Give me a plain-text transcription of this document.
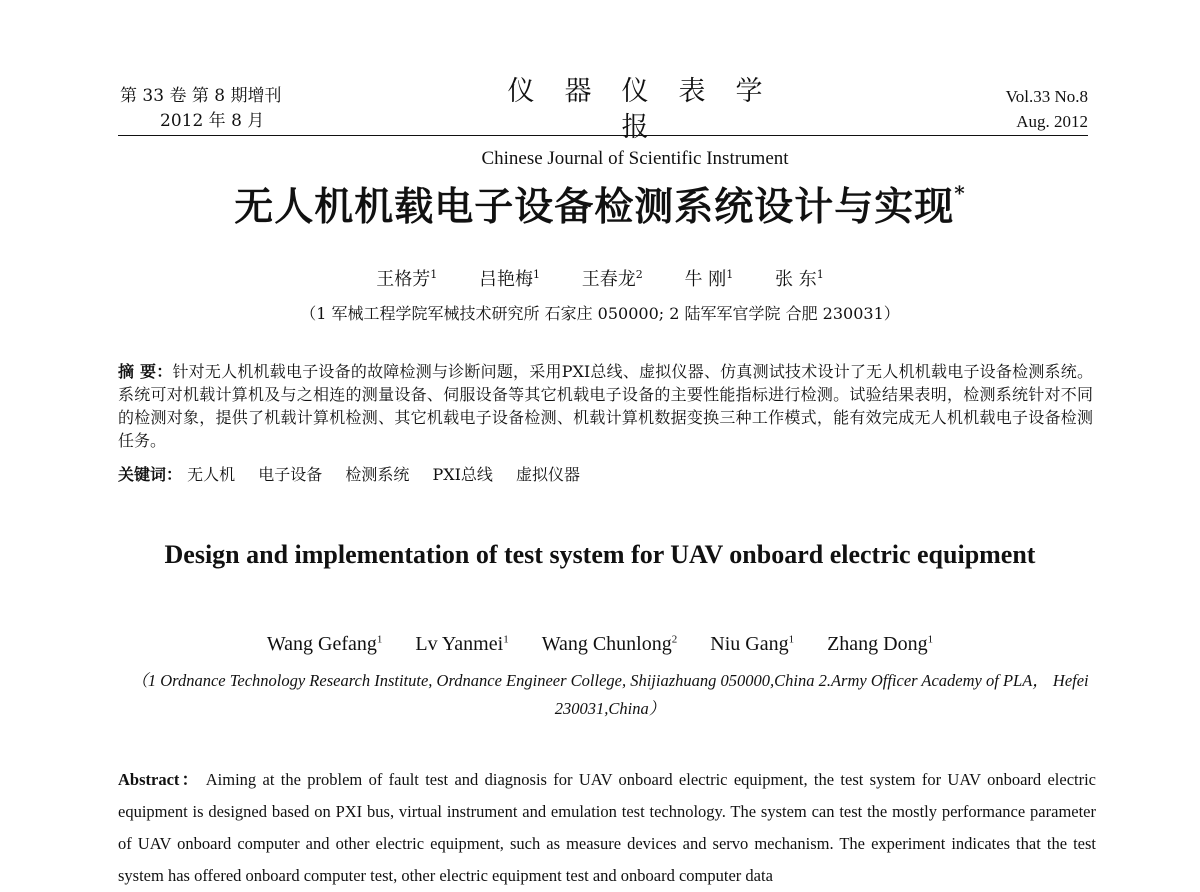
第 33 卷 第 8 期增刊
2012 年 8 月
仪器仪表学报
Chinese Journal of Scientific Instrument
Vol.33 No.8
Aug. 2012
无人机机载电子设备检测系统设计与实现*
王格芳$^1$ 吕艳梅$^1$ 王春龙$^2$ 牛 刚$^1$ 张 东$^1$
（1 军械工程学院军械技术研究所 石家庄 050000; 2 陆军军官学院 合肥 230031）
摘 要：针对无人机机载电子设备的故障检测与诊断问题，采用PXI总线、虚拟仪器、仿真测试技术设计了无人机机载电子设备检测系统。系统可对机载计算机及与之相连的测量设备、伺服设备等其它机载电子设备的主要性能指标进行检测。试验结果表明，检测系统针对不同的检测对象，提供了机载计算机检测、其它机载电子设备检测、机载计算机数据变换三种工作模式，能有效完成无人机机载电子设备检测任务。
关键词： 无人机 电子设备 检测系统 PXI总线 虚拟仪器
Design and implementation of test system for UAV onboard electric equipment
Wang Gefang$^1$ Lv Yanmei$^1$ Wang Chunlong$^2$ Niu Gang$^1$ Zhang Dong$^1$
（1 Ordnance Technology Research Institute, Ordnance Engineer College, Shijiazhuang 050000,China 2.Army Officer Academy of PLA， Hefei 230031,China）
Abstract： Aiming at the problem of fault test and diagnosis for UAV onboard electric equipment, the test system for UAV onboard electric equipment is designed based on PXI bus, virtual instrument and emulation test technology. The system can test the mostly performance parameter of UAV onboard computer and other electric equipment, such as measure devices and servo mechanism. The experiment indicates that the test system has offered onboard computer test, other electric equipment test and onboard computer data
